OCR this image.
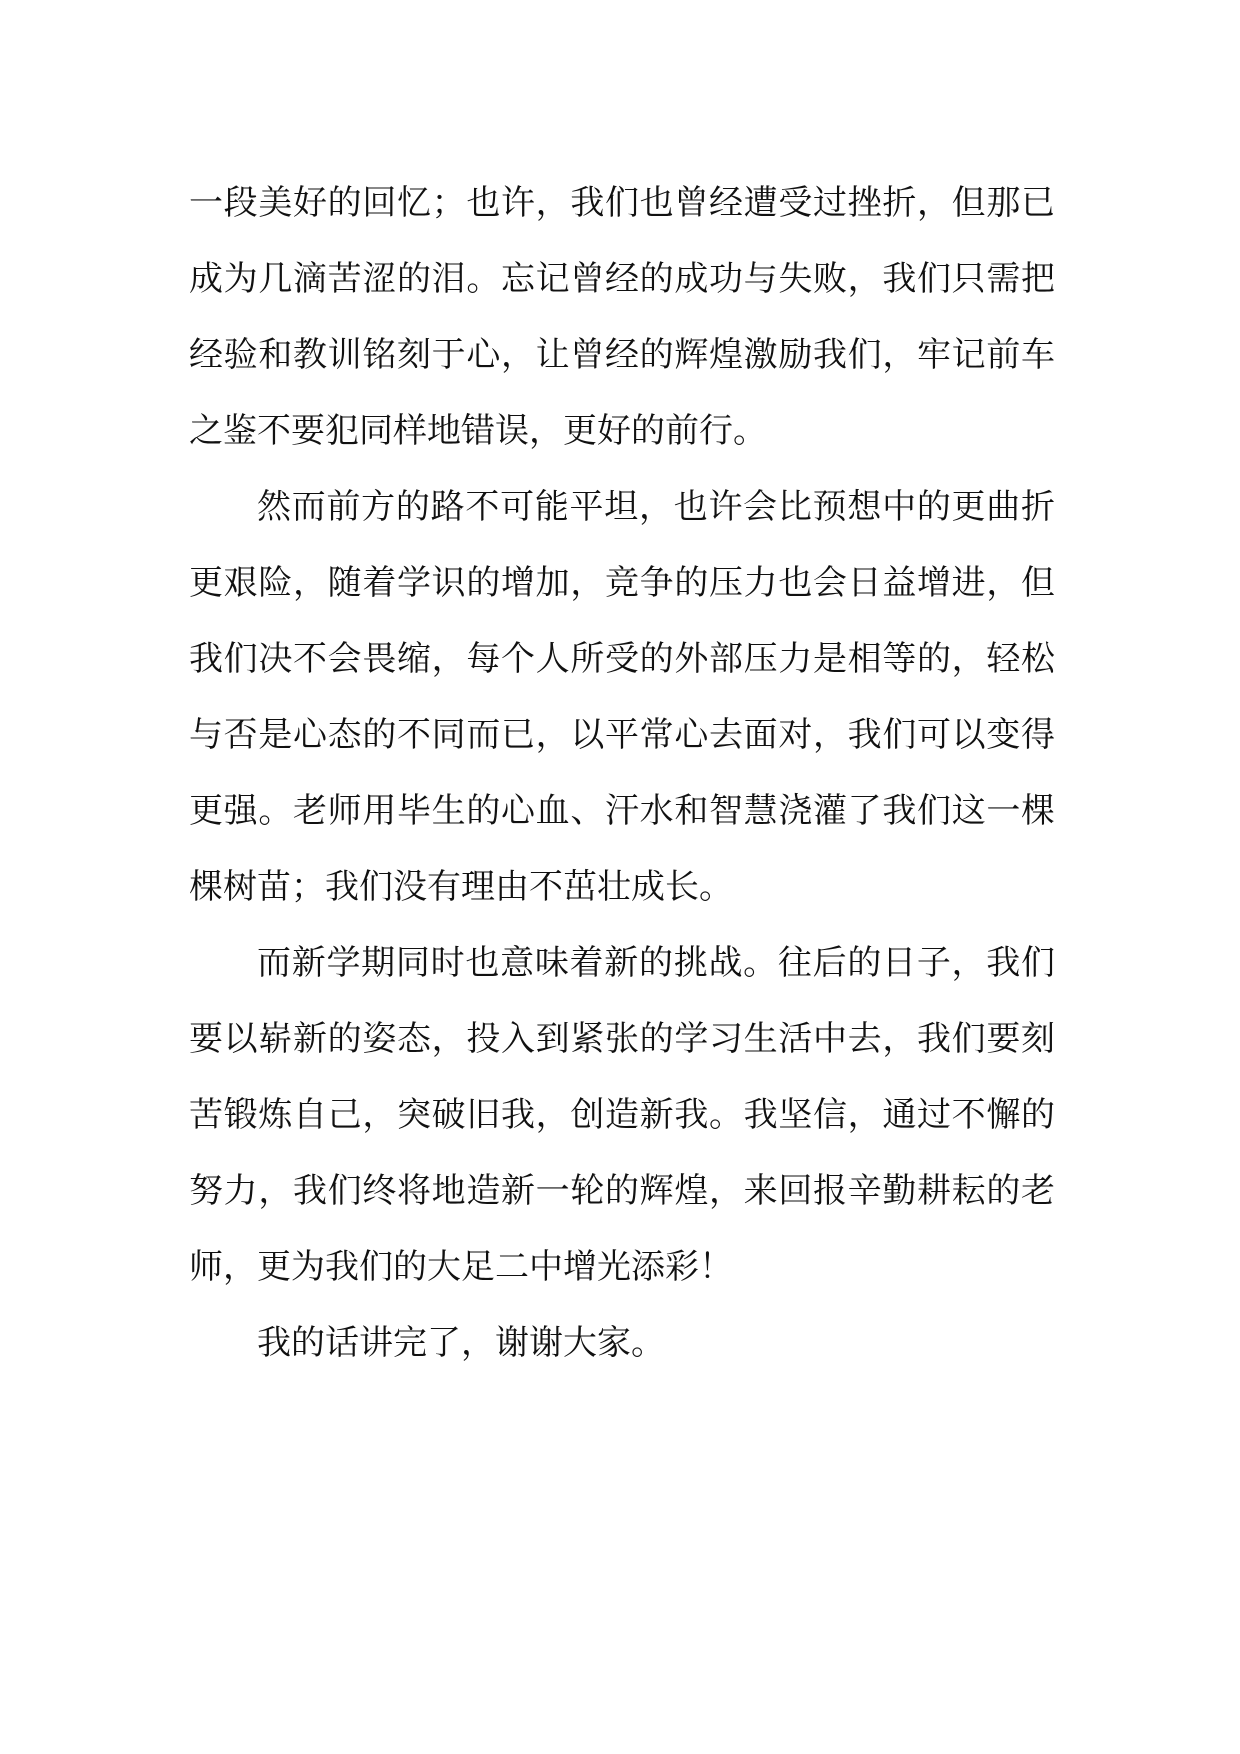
一段美好的回忆；也许，我们也曾经遭受过挫折，但那已
成为几滴苦涩的泪。忘记曾经的成功与失败，我们只需把
经验和教训铭刻于心，让曾经的辉煌激励我们，牢记前车
之鉴不要犯同样地错误，更好的前行。
然而前方的路不可能平坦，也许会比预想中的更曲折
更艰险，随着学识的增加，竞争的压力也会日益增进，但
我们决不会畏缩，每个人所受的外部压力是相等的，轻松
与否是心态的不同而已，以平常心去面对，我们可以变得
更强。老师用毕生的心血、汗水和智慧浇灌了我们这一棵
棵树苗；我们没有理由不茁壮成长。
而新学期同时也意味着新的挑战。往后的日子，我们
要以崭新的姿态，投入到紧张的学习生活中去，我们要刻
苦锻炼自己，突破旧我，创造新我。我坚信，通过不懈的
努力，我们终将地造新一轮的辉煌，来回报辛勤耕耘的老
师，更为我们的大足二中增光添彩！
我的话讲完了，谢谢大家。
